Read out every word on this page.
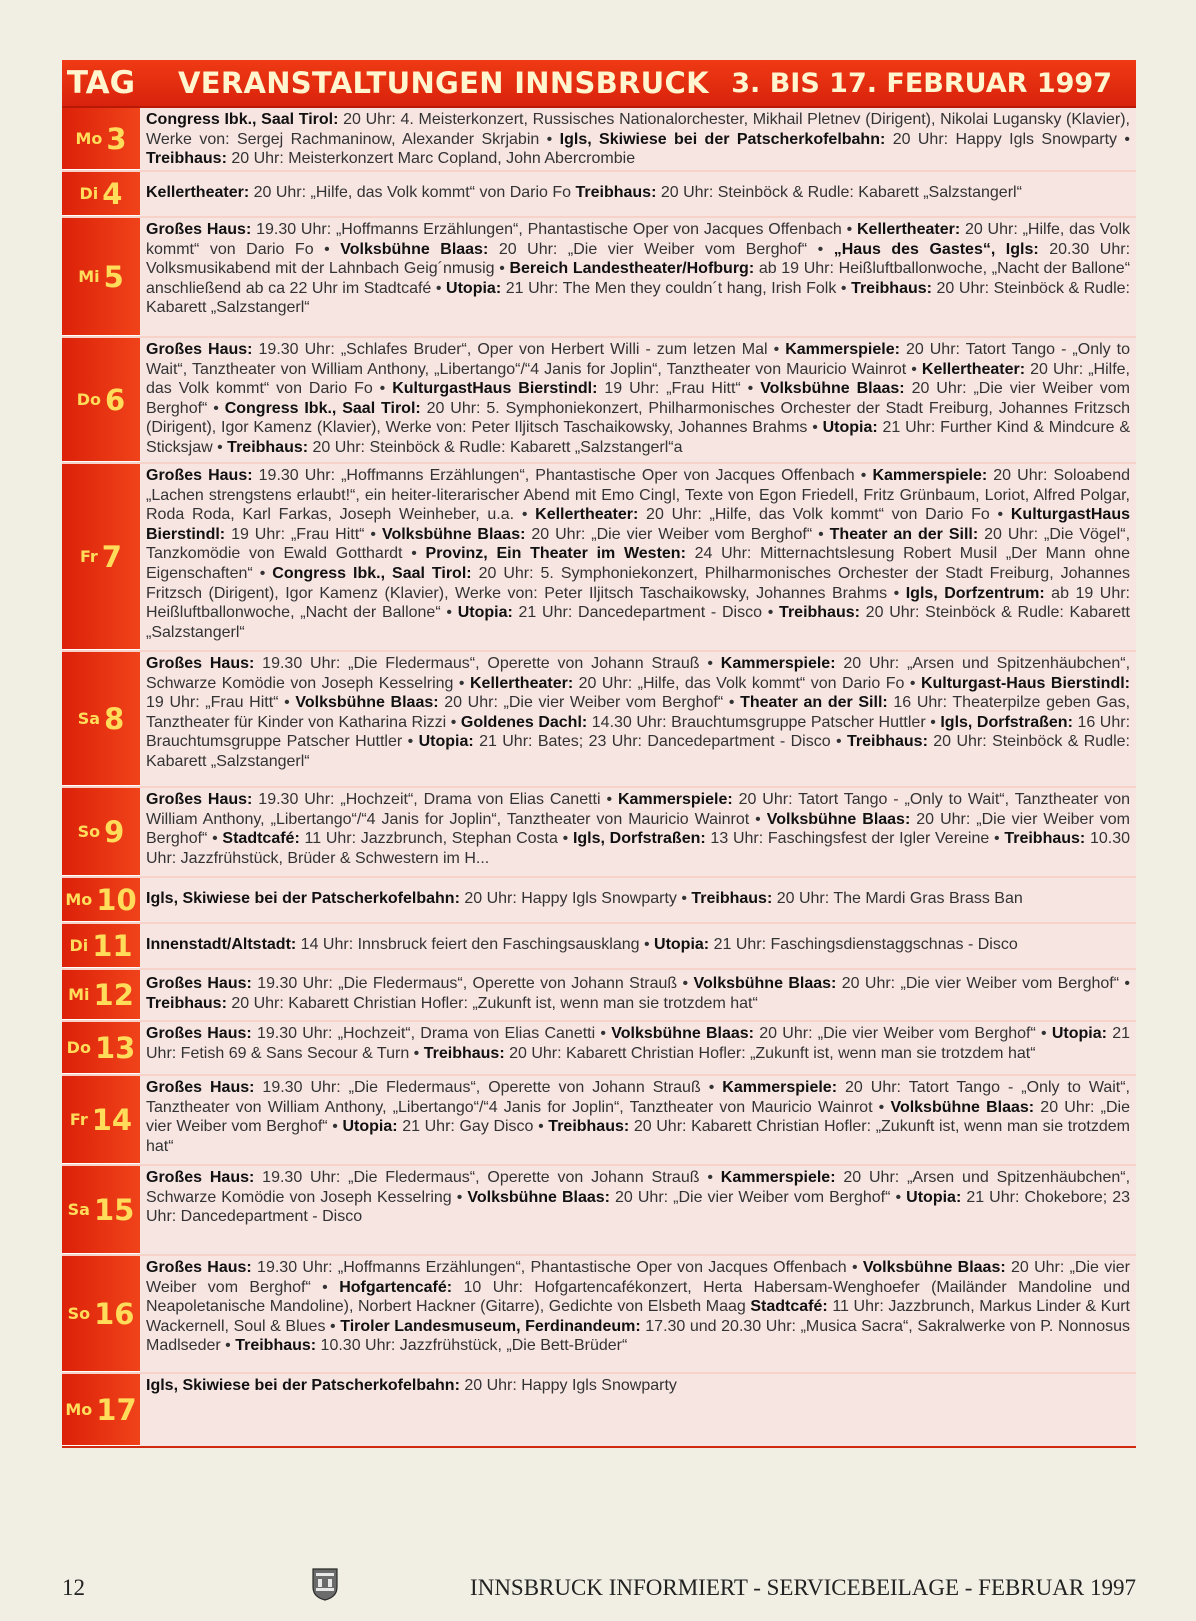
TAG VERANSTALTUNGEN INNSBRUCK 3. BIS 17. FEBRUAR 1997
Mo 3

Congress Ibk., Saal Tirol: 20 Uhr: 4. Meisterkonzert, Russisches Nationalorchester, Mikhail Pletnev (Dirigent), Nikolai Lugansky (Klavier), Werke von: Sergej Rachmaninow, Alexander Skrjabin • Igls, Skiwiese bei der Patscherkofelbahn: 20 Uhr: Happy Igls Snowparty • Treibhaus: 20 Uhr: Meisterkonzert Marc Copland, John Abercrombie

Di 4 Kellertheater: 20 Uhr: „Hilfe, das Volk kommt“ von Dario Fo Treibhaus: 20 Uhr: Steinböck & Rudle: Kabarett „Salzstangerl“

Mi 5

Großes Haus: 19.30 Uhr: „Hoffmanns Erzählungen“, Phantastische Oper von Jacques Offenbach • Kellertheater: 20 Uhr: „Hilfe, das Volk kommt“ von Dario Fo • Volksbühne Blaas: 20 Uhr: „Die vier Weiber vom Berghof“ • „Haus des Gastes“, Igls: 20.30 Uhr: Volksmusikabend mit der Lahnbach Geig´nmusig • Bereich Landestheater/Hofburg: ab 19 Uhr: Heißluftballonwoche, „Nacht der Ballone“ anschließend ab ca 22 Uhr im Stadtcafé • Utopia: 21 Uhr: The Men they couldn´t hang, Irish Folk • Treibhaus: 20 Uhr: Steinböck & Rudle: Kabarett „Salzstangerl“

Do 6

Großes Haus: 19.30 Uhr: „Schlafes Bruder“, Oper von Herbert Willi - zum letzen Mal • Kammerspiele: 20 Uhr: Tatort Tango - „Only to Wait“, Tanztheater von William Anthony, „Libertango“/“4 Janis for Joplin“, Tanztheater von Mauricio Wainrot • Kellertheater: 20 Uhr: „Hilfe, das Volk kommt“ von Dario Fo • KulturgastHaus Bierstindl: 19 Uhr: „Frau Hitt“ • Volksbühne Blaas: 20 Uhr: „Die vier Weiber vom Berghof“ • Congress Ibk., Saal Tirol: 20 Uhr: 5. Symphoniekonzert, Philharmonisches Orchester der Stadt Freiburg, Johannes Fritzsch (Dirigent), Igor Kamenz (Klavier), Werke von: Peter Iljitsch Taschaikowsky, Johannes Brahms • Utopia: 21 Uhr: Further Kind & Mindcure & Sticksjaw • Treibhaus: 20 Uhr: Steinböck & Rudle: Kabarett „Salzstangerl“a

Fr 7

Großes Haus: 19.30 Uhr: „Hoffmanns Erzählungen“, Phantastische Oper von Jacques Offenbach • Kammerspiele: 20 Uhr: Soloabend „Lachen strengstens erlaubt!“, ein heiter-literarischer Abend mit Emo Cingl, Texte von Egon Friedell, Fritz Grünbaum, Loriot, Alfred Polgar, Roda Roda, Karl Farkas, Joseph Weinheber, u.a. • Kellertheater: 20 Uhr: „Hilfe, das Volk kommt“ von Dario Fo • KulturgastHaus Bierstindl: 19 Uhr: „Frau Hitt“ • Volksbühne Blaas: 20 Uhr: „Die vier Weiber vom Berghof“ • Theater an der Sill: 20 Uhr: „Die Vögel“, Tanzkomödie von Ewald Gotthardt • Provinz, Ein Theater im Westen: 24 Uhr: Mitternachtslesung Robert Musil „Der Mann ohne Eigenschaften“ • Congress Ibk., Saal Tirol: 20 Uhr: 5. Symphoniekonzert, Philharmonisches Orchester der Stadt Freiburg, Johannes Fritzsch (Dirigent), Igor Kamenz (Klavier), Werke von: Peter Iljitsch Taschaikowsky, Johannes Brahms • Igls, Dorfzentrum: ab 19 Uhr: Heißluftballonwoche, „Nacht der Ballone“ • Utopia: 21 Uhr: Dancedepartment - Disco • Treibhaus: 20 Uhr: Steinböck & Rudle: Kabarett „Salzstangerl“

Sa 8

Großes Haus: 19.30 Uhr: „Die Fledermaus“, Operette von Johann Strauß • Kammerspiele: 20 Uhr: „Arsen und Spitzenhäubchen“, Schwarze Komödie von Joseph Kesselring • Kellertheater: 20 Uhr: „Hilfe, das Volk kommt“ von Dario Fo • Kulturgast-Haus Bierstindl: 19 Uhr: „Frau Hitt“ • Volksbühne Blaas: 20 Uhr: „Die vier Weiber vom Berghof“ • Theater an der Sill: 16 Uhr: Theaterpilze geben Gas, Tanztheater für Kinder von Katharina Rizzi • Goldenes Dachl: 14.30 Uhr: Brauchtumsgruppe Patscher Huttler • Igls, Dorfstraßen: 16 Uhr: Brauchtumsgruppe Patscher Huttler • Utopia: 21 Uhr: Bates; 23 Uhr: Dancedepartment - Disco • Treibhaus: 20 Uhr: Steinböck & Rudle: Kabarett „Salzstangerl“

So 9

Großes Haus: 19.30 Uhr: „Hochzeit“, Drama von Elias Canetti • Kammerspiele: 20 Uhr: Tatort Tango - „Only to Wait“, Tanztheater von William Anthony, „Libertango“/“4 Janis for Joplin“, Tanztheater von Mauricio Wainrot • Volksbühne Blaas: 20 Uhr: „Die vier Weiber vom Berghof“ • Stadtcafé: 11 Uhr: Jazzbrunch, Stephan Costa • Igls, Dorfstraßen: 13 Uhr: Faschingsfest der Igler Vereine • Treibhaus: 10.30 Uhr: Jazzfrühstück, Brüder & Schwestern im H...

Mo 10 Igls, Skiwiese bei der Patscherkofelbahn: 20 Uhr: Happy Igls Snowparty • Treibhaus: 20 Uhr: The Mardi Gras Brass Ban

Di 11 Innenstadt/Altstadt: 14 Uhr: Innsbruck feiert den Faschingsausklang • Utopia: 21 Uhr: Faschingsdienstaggschnas - Disco

Mi 12 Großes Haus: 19.30 Uhr: „Die Fledermaus“, Operette von Johann Strauß • Volksbühne Blaas: 20 Uhr: „Die vier Weiber vom Berghof“ • Treibhaus: 20 Uhr: Kabarett Christian Hofler: „Zukunft ist, wenn man sie trotzdem hat“

Do 13 Großes Haus: 19.30 Uhr: „Hochzeit“, Drama von Elias Canetti • Volksbühne Blaas: 20 Uhr: „Die vier Weiber vom Berghof“ • Utopia: 21 Uhr: Fetish 69 & Sans Secour & Turn • Treibhaus: 20 Uhr: Kabarett Christian Hofler: „Zukunft ist, wenn man sie trotzdem hat“

Fr 14

Großes Haus: 19.30 Uhr: „Die Fledermaus“, Operette von Johann Strauß • Kammerspiele: 20 Uhr: Tatort Tango - „Only to Wait“, Tanztheater von William Anthony, „Libertango“/“4 Janis for Joplin“, Tanztheater von Mauricio Wainrot • Volksbühne Blaas: 20 Uhr: „Die vier Weiber vom Berghof“ • Utopia: 21 Uhr: Gay Disco • Treibhaus: 20 Uhr: Kabarett Christian Hofler: „Zukunft ist, wenn man sie trotzdem hat“

Sa 15

Großes Haus: 19.30 Uhr: „Die Fledermaus“, Operette von Johann Strauß • Kammerspiele: 20 Uhr: „Arsen und Spitzenhäubchen“, Schwarze Komödie von Joseph Kesselring • Volksbühne Blaas: 20 Uhr: „Die vier Weiber vom Berghof“ • Utopia: 21 Uhr: Chokebore; 23 Uhr: Dancedepartment - Disco

So 16

Großes Haus: 19.30 Uhr: „Hoffmanns Erzählungen“, Phantastische Oper von Jacques Offenbach • Volksbühne Blaas: 20 Uhr: „Die vier Weiber vom Berghof“ • Hofgartencafé: 10 Uhr: Hofgartencafékonzert, Herta Habersam-Wenghoefer (Mailänder Mandoline und Neapoletanische Mandoline), Norbert Hackner (Gitarre), Gedichte von Elsbeth Maag Stadtcafé: 11 Uhr: Jazzbrunch, Markus Linder & Kurt Wackernell, Soul & Blues • Tiroler Landesmuseum, Ferdinandeum: 17.30 und 20.30 Uhr: „Musica Sacra“, Sakralwerke von P. Nonnosus Madlseder • Treibhaus: 10.30 Uhr: Jazzfrühstück, „Die Bett-Brüder“

Mo 17

Igls, Skiwiese bei der Patscherkofelbahn: 20 Uhr: Happy Igls Snowparty

12	INNSBRUCK INFORMIERT - SERVICEBEILAGE - FEBRUAR 1997
